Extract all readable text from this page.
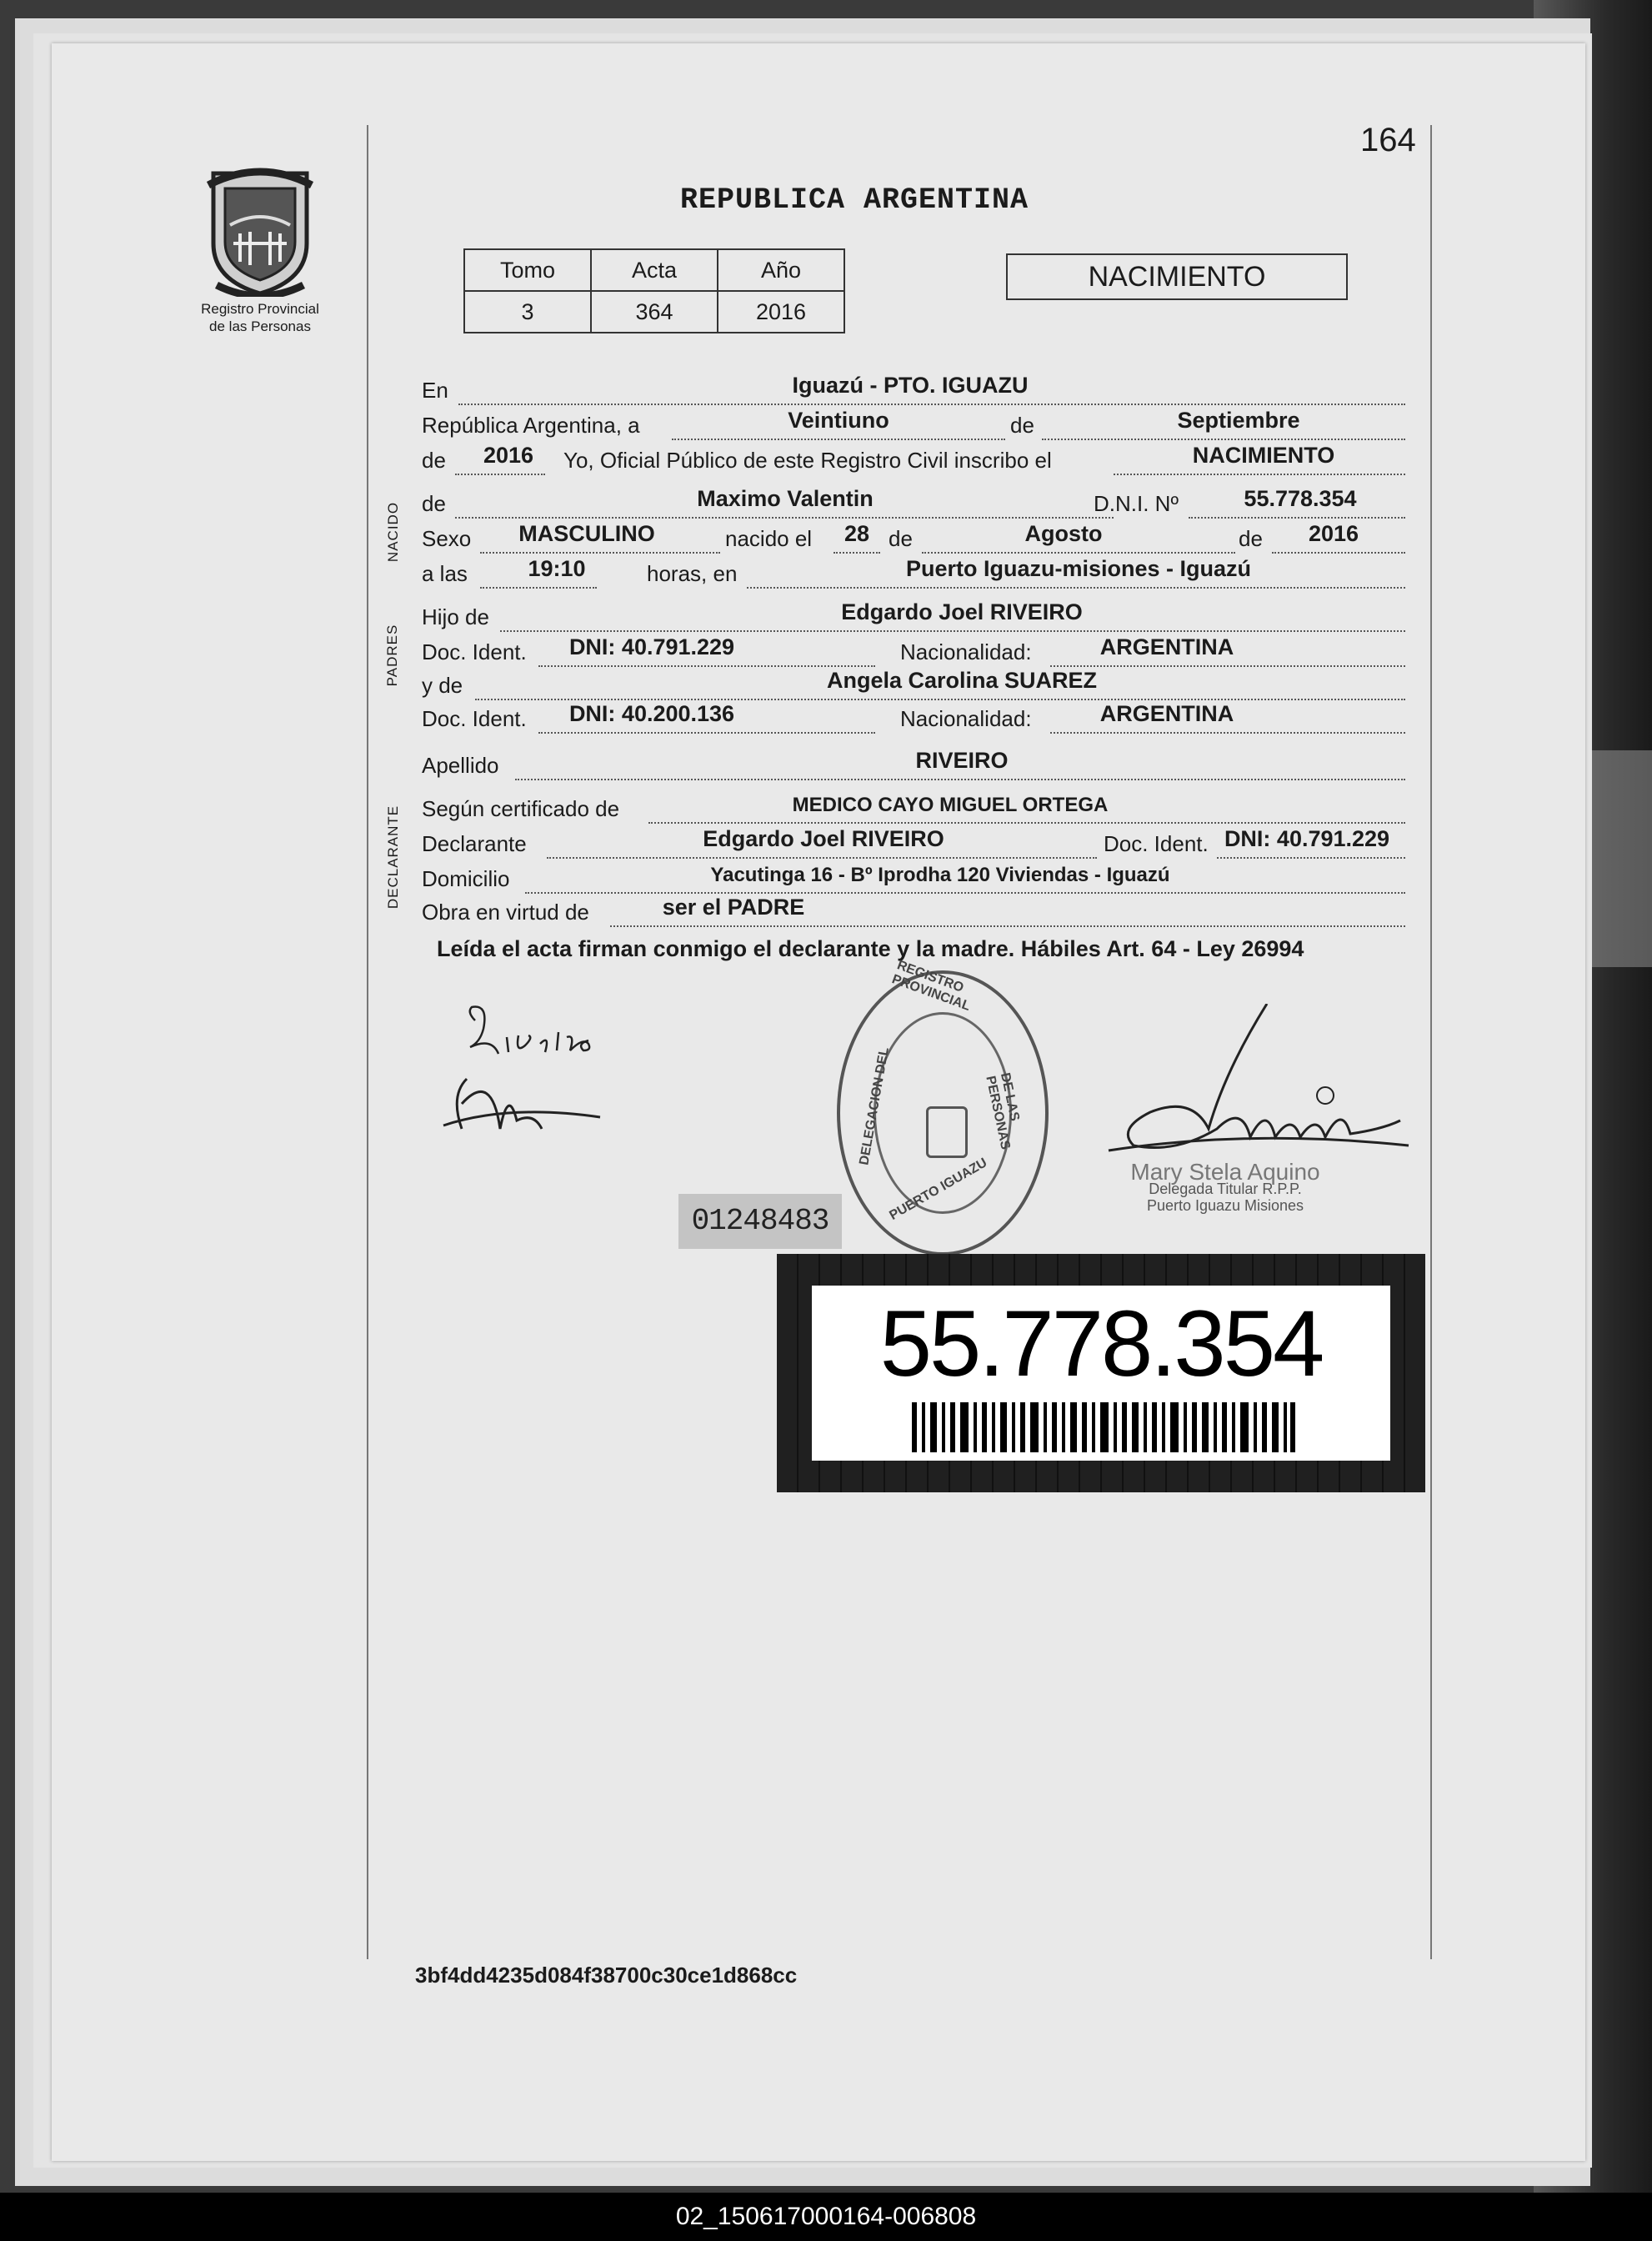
164
Registro Provincial
de las Personas
REPUBLICA ARGENTINA
Tomo	Acta	Año
3	364	2016
NACIMIENTO
En	Iguazú - PTO. IGUAZU
República Argentina, a	Veintiuno	de	Septiembre
de 2016 Yo, Oficial Público de este Registro Civil inscribo el	NACIMIENTO
NACIDO de	Maximo Valentin	D.N.I. Nº	55.778.354
Sexo MASCULINO	nacido el 28 de	Agosto	de 2016
a las	19:10	horas, en	Puerto Iguazu-misiones - Iguazú
PADRES
Hijo de	Edgardo Joel RIVEIRO
Doc. Ident. DNI: 40.791.229	Nacionalidad:	ARGENTINA
y de	Angela Carolina SUAREZ
Doc. Ident. DNI: 40.200.136	Nacionalidad:	ARGENTINA
Apellido	RIVEIRO
DECLARANTE Según certificado de	MEDICO CAYO MIGUEL ORTEGA
Declarante	Edgardo Joel RIVEIRO	Doc. Ident. DNI: 40.791.229
Domicilio	Yacutinga 16 - Bº Iprodha 120 Viviendas - Iguazú
Obra en virtud de	ser el PADRE
Leída el acta firman conmigo el declarante y la madre. Hábiles Art. 64 - Ley 26994
REGISTRO PROVINCIAL
DE LAS PERSONAS
DELEGACION DEL
PUERTO IGUAZU
01248483
Mary Stela Aquino
Delegada Titular R.P.P.
Puerto Iguazu Misiones
55.778.354
3bf4dd4235d084f38700c30ce1d868cc
02_150617000164-006808
